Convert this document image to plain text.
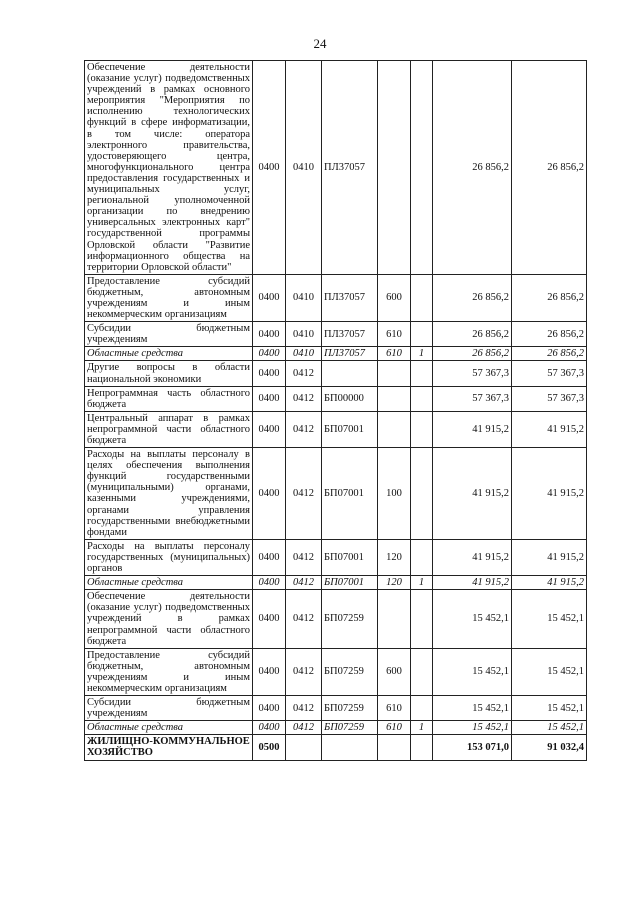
24
Обеспечение деятельности (оказание услуг) подведомственных учреждений в рамках основного мероприятия "Мероприятия по исполнению технологических функций в сфере информатизации, в том числе: оператора электронного правительства, удостоверяющего центра, многофункционального центра предоставления государственных и муниципальных услуг, региональной уполномоченной организации по внедрению универсальных электронных карт" государственной программы Орловской области "Развитие информационного общества на территории Орловской области"	0400	0410	ПЛ37057			26 856,2	26 856,2
Предоставление субсидий бюджетным, автономным учреждениям и иным некоммерческим организациям	0400	0410	ПЛ37057	600		26 856,2	26 856,2
Субсидии бюджетным учреждениям	0400	0410	ПЛ37057	610		26 856,2	26 856,2
Областные средства	0400	0410	ПЛ37057	610	1	26 856,2	26 856,2
Другие вопросы в области национальной экономики	0400	0412				57 367,3	57 367,3
Непрограммная часть областного бюджета	0400	0412	БП00000			57 367,3	57 367,3
Центральный аппарат в рамках непрограммной части областного бюджета	0400	0412	БП07001			41 915,2	41 915,2
Расходы на выплаты персоналу в целях обеспечения выполнения функций государственными (муниципальными) органами, казенными учреждениями, органами управления государственными внебюджетными фондами	0400	0412	БП07001	100		41 915,2	41 915,2
Расходы на выплаты персоналу государственных (муниципальных) органов	0400	0412	БП07001	120		41 915,2	41 915,2
Областные средства	0400	0412	БП07001	120	1	41 915,2	41 915,2
Обеспечение деятельности (оказание услуг) подведомственных учреждений в рамках непрограммной части областного бюджета	0400	0412	БП07259			15 452,1	15 452,1
Предоставление субсидий бюджетным, автономным учреждениям и иным некоммерческим организациям	0400	0412	БП07259	600		15 452,1	15 452,1
Субсидии бюджетным учреждениям	0400	0412	БП07259	610		15 452,1	15 452,1
Областные средства	0400	0412	БП07259	610	1	15 452,1	15 452,1
ЖИЛИЩНО-КОММУНАЛЬНОЕ ХОЗЯЙСТВО	0500					153 071,0	91 032,4
